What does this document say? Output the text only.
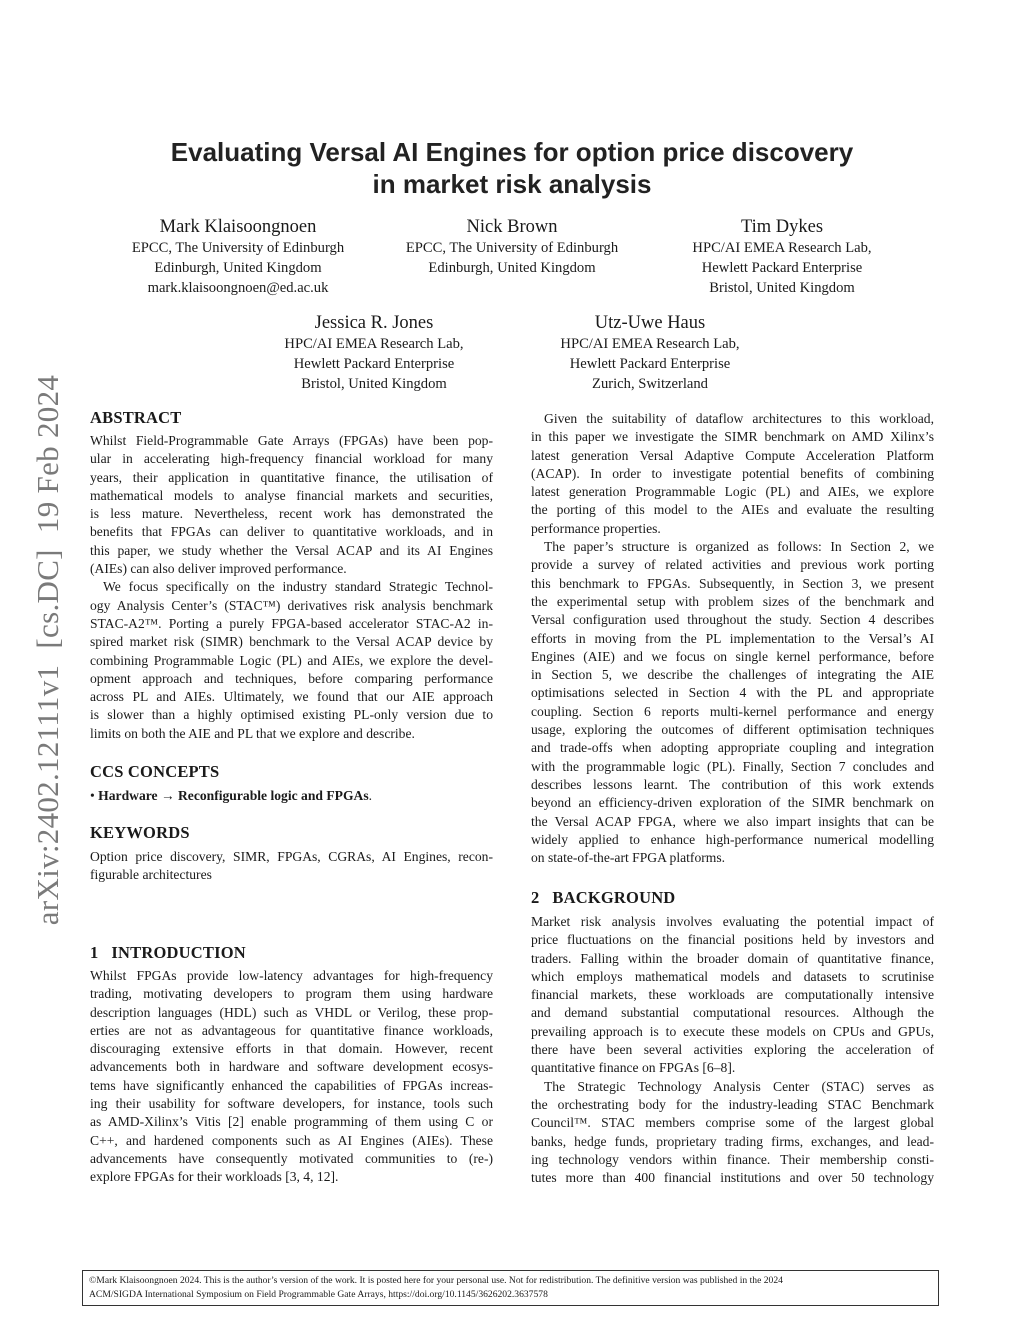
Evaluating Versal AI Engines for option price discovery
in market risk analysis
Mark Klaisoongnoen
EPCC, The University of Edinburgh
Edinburgh, United Kingdom
mark.klaisoongnoen@ed.ac.uk
Nick Brown
EPCC, The University of Edinburgh
Edinburgh, United Kingdom
Tim Dykes
HPC/AI EMEA Research Lab,
Hewlett Packard Enterprise
Bristol, United Kingdom
Jessica R. Jones
HPC/AI EMEA Research Lab,
Hewlett Packard Enterprise
Bristol, United Kingdom
Utz-Uwe Haus
HPC/AI EMEA Research Lab,
Hewlett Packard Enterprise
Zurich, Switzerland
arXiv:2402.12111v1  [cs.DC]  19 Feb 2024 ABSTRACT
Whilst Field-Programmable Gate Arrays (FPGAs) have been pop-
ular in accelerating high-frequency financial workload for many
years, their application in quantitative finance, the utilisation of
mathematical models to analyse financial markets and securities,
is less mature. Nevertheless, recent work has demonstrated the
benefits that FPGAs can deliver to quantitative workloads, and in
this paper, we study whether the Versal ACAP and its AI Engines
(AIEs) can also deliver improved performance.
We focus specifically on the industry standard Strategic Technol-
ogy Analysis Center’s (STAC™) derivatives risk analysis benchmark
STAC-A2™. Porting a purely FPGA-based accelerator STAC-A2 in-
spired market risk (SIMR) benchmark to the Versal ACAP device by
combining Programmable Logic (PL) and AIEs, we explore the devel-
opment approach and techniques, before comparing performance
across PL and AIEs. Ultimately, we found that our AIE approach
is slower than a highly optimised existing PL-only version due to
limits on both the AIE and PL that we explore and describe.
CCS CONCEPTS
• Hardware → Reconfigurable logic and FPGAs.
KEYWORDS
Option price discovery, SIMR, FPGAs, CGRAs, AI Engines, recon-
figurable architectures
1   INTRODUCTION
Whilst FPGAs provide low-latency advantages for high-frequency
trading, motivating developers to program them using hardware
description languages (HDL) such as VHDL or Verilog, these prop-
erties are not as advantageous for quantitative finance workloads,
discouraging extensive efforts in that domain. However, recent
advancements both in hardware and software development ecosys-
tems have significantly enhanced the capabilities of FPGAs increas-
ing their usability for software developers, for instance, tools such
as AMD-Xilinx’s Vitis [2] enable programming of them using C or
C++, and hardened components such as AI Engines (AIEs). These
advancements have consequently motivated communities to (re-)
explore FPGAs for their workloads [3, 4, 12].
Given the suitability of dataflow architectures to this workload,
in this paper we investigate the SIMR benchmark on AMD Xilinx’s
latest generation Versal Adaptive Compute Acceleration Platform
(ACAP). In order to investigate potential benefits of combining
latest generation Programmable Logic (PL) and AIEs, we explore
the porting of this model to the AIEs and evaluate the resulting
performance properties.
The paper’s structure is organized as follows: In Section 2, we
provide a survey of related activities and previous work porting
this benchmark to FPGAs. Subsequently, in Section 3, we present
the experimental setup with problem sizes of the benchmark and
Versal configuration used throughout the study. Section 4 describes
efforts in moving from the PL implementation to the Versal’s AI
Engines (AIE) and we focus on single kernel performance, before
in Section 5, we describe the challenges of integrating the AIE
optimisations selected in Section 4 with the PL and appropriate
coupling. Section 6 reports multi-kernel performance and energy
usage, exploring the outcomes of different optimisation techniques
and trade-offs when adopting appropriate coupling and integration
with the programmable logic (PL). Finally, Section 7 concludes and
describes lessons learnt. The contribution of this work extends
beyond an efficiency-driven exploration of the SIMR benchmark on
the Versal ACAP FPGA, where we also impart insights that can be
widely applied to enhance high-performance numerical modelling
on state-of-the-art FPGA platforms.
2   BACKGROUND
Market risk analysis involves evaluating the potential impact of
price fluctuations on the financial positions held by investors and
traders. Falling within the broader domain of quantitative finance,
which employs mathematical models and datasets to scrutinise
financial markets, these workloads are computationally intensive
and demand substantial computational resources. Although the
prevailing approach is to execute these models on CPUs and GPUs,
there have been several activities exploring the acceleration of
quantitative finance on FPGAs [6–8].
The Strategic Technology Analysis Center (STAC) serves as
the orchestrating body for the industry-leading STAC Benchmark
Council™. STAC members comprise some of the largest global
banks, hedge funds, proprietary trading firms, exchanges, and lead-
ing technology vendors within finance. Their membership consti-
tutes more than 400 financial institutions and over 50 technology
©Mark Klaisoongnoen 2024. This is the author’s version of the work. It is posted here for your personal use. Not for redistribution. The definitive version was published in the 2024
ACM/SIGDA International Symposium on Field Programmable Gate Arrays, https://doi.org/10.1145/3626202.3637578
